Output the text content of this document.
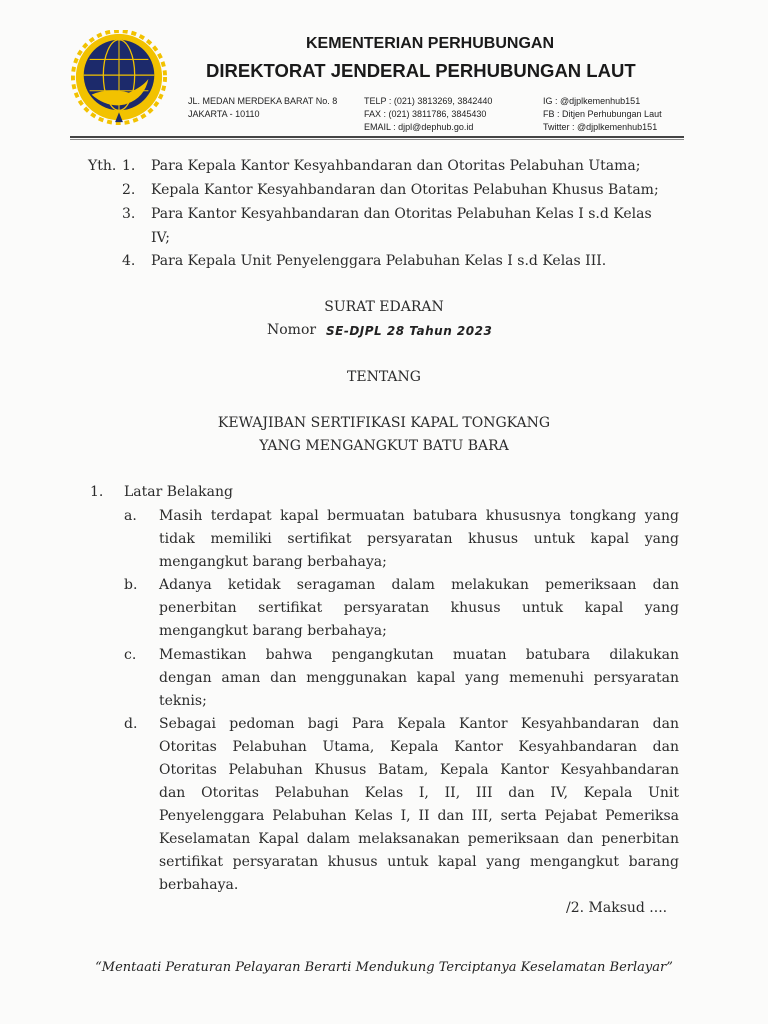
KEMENTERIAN PERHUBUNGAN
DIREKTORAT JENDERAL PERHUBUNGAN LAUT
JL. MEDAN MERDEKA BARAT No. 8
JAKARTA - 10110
TELP : (021) 3813269, 3842440
FAX : (021) 3811786, 3845430
EMAIL : djpl@dephub.go.id
IG : @djplkemenhub151
FB : Ditjen Perhubungan Laut
Twitter : @djplkemenhub151
Yth. 1. Para Kepala Kantor Kesyahbandaran dan Otoritas Pelabuhan Utama;
2. Kepala Kantor Kesyahbandaran dan Otoritas Pelabuhan Khusus Batam;
3. Para Kantor Kesyahbandaran dan Otoritas Pelabuhan Kelas I s.d Kelas
IV;
4. Para Kepala Unit Penyelenggara Pelabuhan Kelas I s.d Kelas III.
SURAT EDARAN
Nomor SE-DJPL 28 Tahun 2023
TENTANG
KEWAJIBAN SERTIFIKASI KAPAL TONGKANG
YANG MENGANGKUT BATU BARA
1. Latar Belakang
a. Masih terdapat kapal bermuatan batubara khususnya tongkang yang
tidak memiliki sertifikat persyaratan khusus untuk kapal yang
mengangkut barang berbahaya;
b. Adanya ketidak seragaman dalam melakukan pemeriksaan dan
penerbitan sertifikat persyaratan khusus untuk kapal yang
mengangkut barang berbahaya;
c. Memastikan bahwa pengangkutan muatan batubara dilakukan
dengan aman dan menggunakan kapal yang memenuhi persyaratan
teknis;
d. Sebagai pedoman bagi Para Kepala Kantor Kesyahbandaran dan
Otoritas Pelabuhan Utama, Kepala Kantor Kesyahbandaran dan
Otoritas Pelabuhan Khusus Batam, Kepala Kantor Kesyahbandaran
dan Otoritas Pelabuhan Kelas I, II, III dan IV, Kepala Unit
Penyelenggara Pelabuhan Kelas I, II dan III, serta Pejabat Pemeriksa
Keselamatan Kapal dalam melaksanakan pemeriksaan dan penerbitan
sertifikat persyaratan khusus untuk kapal yang mengangkut barang
berbahaya.
/2. Maksud ....
“Mentaati Peraturan Pelayaran Berarti Mendukung Terciptanya Keselamatan Berlayar”
